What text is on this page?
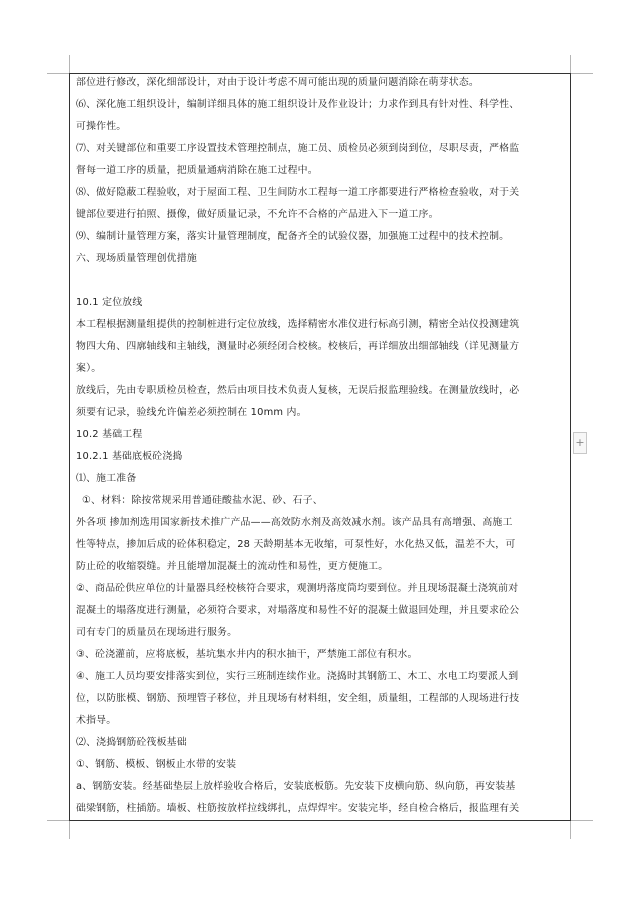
部位进行修改，深化细部设计，对由于设计考虑不周可能出现的质量问题消除在萌芽状态。
⑹、深化施工组织设计，编制详细具体的施工组织设计及作业设计；力求作到具有针对性、科学性、
可操作性。
⑺、对关键部位和重要工序设置技术管理控制点，施工员、质检员必须到岗到位，尽职尽责，严格监
督每一道工序的质量，把质量通病消除在施工过程中。
⑻、做好隐蔽工程验收，对于屋面工程、卫生间防水工程每一道工序都要进行严格检查验收，对于关
键部位要进行拍照、摄像，做好质量记录，不允许不合格的产品进入下一道工序。
⑼、编制计量管理方案，落实计量管理制度，配备齐全的试验仪器，加强施工过程中的技术控制。
六、现场质量管理创优措施
10.1 定位放线
本工程根据测量组提供的控制桩进行定位放线，选择精密水准仪进行标高引测，精密全站仪投测建筑
物四大角、四廓轴线和主轴线，测量时必须经闭合校核。校核后，再详细放出细部轴线（详见测量方
案）。
放线后，先由专职质检员检查，然后由项目技术负责人复核，无误后报监理验线。在测量放线时，必
须要有记录，验线允许偏差必须控制在 10mm 内。
10.2 基础工程
10.2.1 基础底板砼浇捣
⑴、施工准备
①、材料：除按常规采用普通硅酸盐水泥、砂、石子、
外各项 掺加剂选用国家新技术推广产品——高效防水剂及高效减水剂。该产品具有高增强、高施工
性等特点，掺加后成的砼体积稳定，28 天龄期基本无收缩，可泵性好，水化热又低，温差不大，可
防止砼的收缩裂缝。并且能增加混凝土的流动性和易性，更方便施工。
②、商品砼供应单位的计量器具经校核符合要求，观测坍落度筒均要到位。并且现场混凝土浇筑前对
混凝土的塌落度进行测量，必须符合要求，对塌落度和易性不好的混凝土做退回处理，并且要求砼公
司有专门的质量员在现场进行服务。
③、砼浇灌前，应将底板，基坑集水井内的积水抽干，严禁施工部位有积水。
④、施工人员均要安排落实到位，实行三班制连续作业。浇捣时其钢筋工、木工、水电工均要派人到
位，以防胀模、钢筋、预埋管子移位，并且现场有材料组，安全组，质量组，工程部的人现场进行技
术指导。
⑵、浇捣钢筋砼筏板基础
①、钢筋、模板、钢板止水带的安装
a、钢筋安装。经基础垫层上放样验收合格后，安装底板筋。先安装下皮横向筋、纵向筋，再安装基
础梁钢筋，柱插筋。墙板、柱筋按放样拉线绑扎，点焊焊牢。安装完毕，经自检合格后，报监理有关
+
